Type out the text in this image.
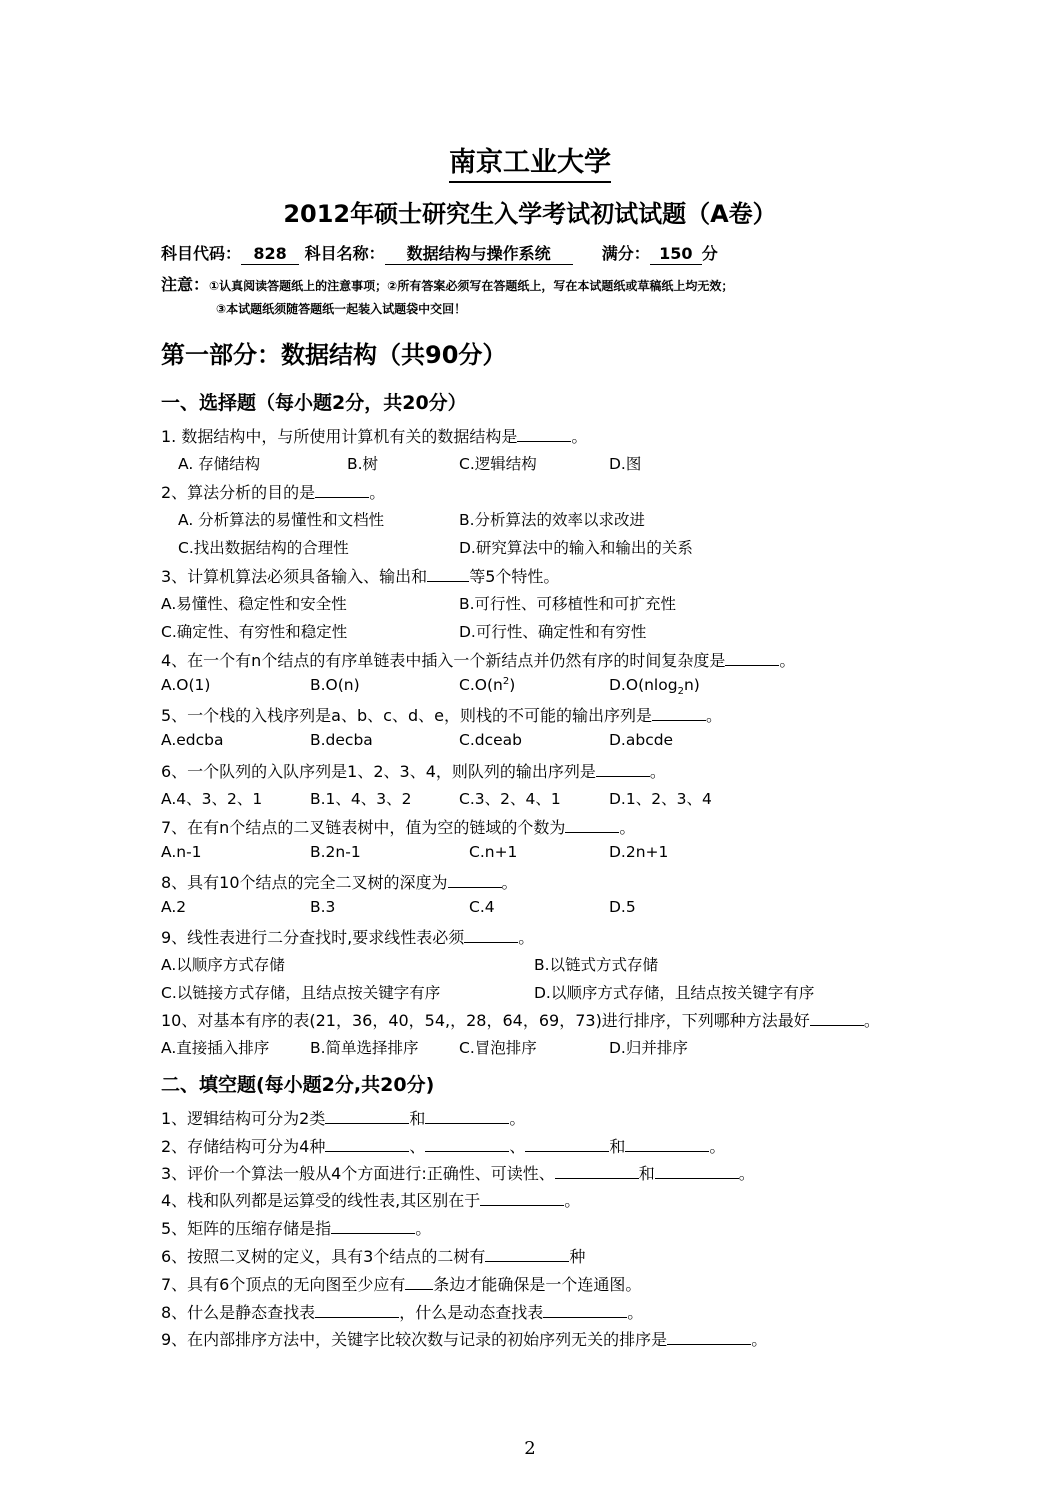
南京工业大学
2012年硕士研究生入学考试初试试题（A卷）
科目代码： 828 科目名称： 数据结构与操作系统	满分： 150 分
注意：①认真阅读答题纸上的注意事项；②所有答案必须写在答题纸上，写在本试题纸或草稿纸上均无效；
③本试题纸须随答题纸一起装入试题袋中交回！
第一部分：数据结构（共90分）
一、选择题（每小题2分，共20分）
1. 数据结构中，与所使用计算机有关的数据结构是	。
A. 存储结构	B.树	C.逻辑结构	D.图
2、算法分析的目的是	。
A. 分析算法的易懂性和文档性	B.分析算法的效率以求改进
C.找出数据结构的合理性	D.研究算法中的输入和输出的关系
3、计算机算法必须具备输入、输出和	等5个特性。
A.易懂性、稳定性和安全性	B.可行性、可移植性和可扩充性
C.确定性、有穷性和稳定性	D.可行性、确定性和有穷性
4、在一个有n个结点的有序单链表中插入一个新结点并仍然有序的时间复杂度是	。
A.O(1)	B.O(n)	$C.O(n^2)$	D.O(nlog$_2$n)
5、一个栈的入栈序列是a、b、c、d、e，则栈的不可能的输出序列是	。
A.edcba	B.decba	C.dceab	D.abcde
6、一个队列的入队序列是1、2、3、4，则队列的输出序列是	。
A.4、3、2、1	B.1、4、3、2	C.3、2、4、1	D.1、2、3、4
7、在有n个结点的二叉链表树中，值为空的链域的个数为	。
A.n-1	B.2n-1	C.n+1	D.2n+1
8、具有10个结点的完全二叉树的深度为	。
A.2	B.3	C.4	D.5
9、线性表进行二分查找时,要求线性表必须	。
A.以顺序方式存储	B.以链式方式存储
C.以链接方式存储，且结点按关键字有序	D.以顺序方式存储，且结点按关键字有序
10、对基本有序的表(21，36，40，54,，28，64，69，73)进行排序，下列哪种方法最好	。
A.直接插入排序	B.简单选择排序	C.冒泡排序	D.归并排序
二、填空题(每小题2分,共20分)
1、逻辑结构可分为2类	和	。
2、存储结构可分为4种	、	、	和	。
3、评价一个算法一般从4个方面进行:正确性、可读性、	和	。
4、栈和队列都是运算受的线性表,其区别在于	。
5、矩阵的压缩存储是指	。
6、按照二叉树的定义，具有3个结点的二树有	种
7、具有6个顶点的无向图至少应有 条边才能确保是一个连通图。
8、什么是静态查找表	，什么是动态查找表	。
9、在内部排序方法中，关键字比较次数与记录的初始序列无关的排序是	。
2
